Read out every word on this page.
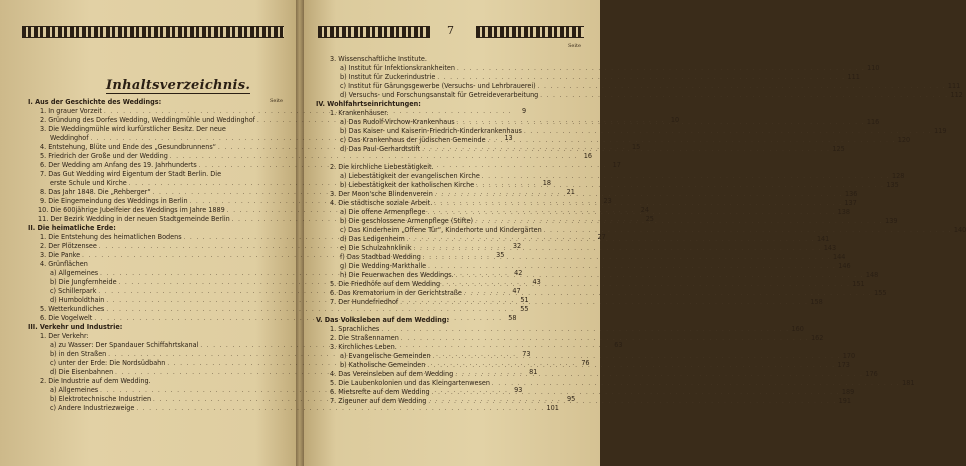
Inhaltsverzeichnis.
Seite
7
Seite
I. Aus der Geschichte des Weddings:
1. In grauer Vorzeit . . .	9
2. Gründung des Dorfes Wedding, Weddingmühle und Weddinghof . . .	10
3. Die Weddingmühle wird kurfürstlicher Besitz. Der neue
Weddinghof . . .	13
4. Entstehung, Blüte und Ende des „Gesundbrunnens“ . . .	15
5. Friedrich der Große und der Wedding . . .	16
6. Der Wedding am Anfang des 19. Jahrhunderts . . .	17
7. Das Gut Wedding wird Eigentum der Stadt Berlin. Die
erste Schule und Kirche . . .	18
8. Das Jahr 1848. Die „Rehberger“ . . .	21
9. Die Eingemeindung des Weddings in Berlin . . .	23
10. Die 600jährige Jubelfeier des Weddings im Jahre 1889 . . .	24
11. Der Bezirk Wedding in der neuen Stadtgemeinde Berlin . . .	25
II. Die heimatliche Erde:
1. Die Entstehung des heimatlichen Bodens . . .	27
2. Der Plötzensee . . .	32
3. Die Panke . . .	35
4. Grünflächen
a) Allgemeines . . .	42
b) Die Jungfernheide . . .	43
c) Schillerpark . . .	47
d) Humboldthain . . .	51
5. Wetterkundliches . . .	55
6. Die Vogelwelt . . .	58
III. Verkehr und Industrie:
1. Der Verkehr:
a) zu Wasser: Der Spandauer Schiffahrtskanal . . .	63
b) in den Straßen . . .	73
c) unter der Erde: Die Nordsüdbahn . . .	76
d) Die Eisenbahnen . . .	81
2. Die Industrie auf dem Wedding.
a) Allgemeines . . .	93
b) Elektrotechnische Industrien . . .	95
c) Andere Industriezweige . . .	101
3. Wissenschaftliche Institute.
a) Institut für Infektionskrankheiten . . .	110
b) Institut für Zuckerindustrie . . .	111
c) Institut für Gärungsgewerbe (Versuchs- und Lehrbrauerei) . . .	111
d) Versuchs- und Forschungsanstalt für Getreideverarbeitung . . .	112
IV. Wohlfahrtseinrichtungen:
1. Krankenhäuser.
a) Das Rudolf-Virchow-Krankenhaus . . .	116
b) Das Kaiser- und Kaiserin-Friedrich-Kinderkrankenhaus . . .	119
c) Das Krankenhaus der jüdischen Gemeinde . . .	120
d) Das Paul-Gerhardtstift . . .	125
2. Die kirchliche Liebestätigkeit.
a) Liebestätigkeit der evangelischen Kirche . . .	128
b) Liebestätigkeit der katholischen Kirche . . .	135
3. Der Moon'sche Blindenverein . . .	136
4. Die städtische soziale Arbeit. . . .	137
a) Die offene Armenpflege . . .	138
b) Die geschlossene Armenpflege (Stifte) . . .	139
c) Das Kinderheim „Offene Tür“, Kinderhorte und Kindergärten . . .	140
d) Das Ledigenheim . . .	141
e) Die Schulzahnklinik . . .	143
f) Das Stadtbad Wedding . . .	144
g) Die Wedding-Markthalle . . .	146
h) Die Feuerwachen des Weddings. . . .	148
5. Die Friedhöfe auf dem Wedding . . .	151
6. Das Krematorium in der Gerichtstraße . . .	155
7. Der Hundefriedhof . . .	158
V. Das Volksleben auf dem Wedding:
1. Sprachliches . . .	160
2. Die Straßennamen . . .	162
3. Kirchliches Leben.
a) Evangelische Gemeinden . . .	170
b) Katholische Gemeinden . . .	173
4. Das Vereinsleben auf dem Wedding . . .	176
5. Die Laubenkolonien und das Kleingartenwesen . . .	181
6. Mietsrefte auf dem Wedding . . .	189
7. Zigeuner auf dem Wedding . . .	191
